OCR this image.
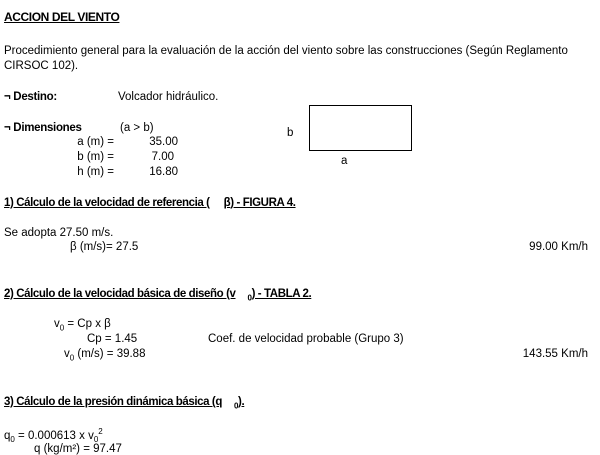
ACCION DEL VIENTO
Procedimiento general para la evaluación de la acción del viento sobre las construcciones (Según Reglamento
CIRSOC 102).
¬ Destino:	Volcador hidráulico.
¬ Dimensiones	(a > b)
a (m) =	35.00
b (m) =	7.00
h (m) =	16.80
b
a
1) Cálculo de la velocidad de referencia ( β) - FIGURA 4.
Se adopta 27.50 m/s.
β (m/s)= 27.5	99.00 Km/h
2) Cálculo de la velocidad básica de diseño (v $_0$) - TABLA 2.
$v_0 = Cp$ x β
Cp = 1.45	Coef. de velocidad probable (Grupo 3)
$v_0$ (m/s) = 39.88	143.55 Km/h
3) Cálculo de la presión dinámica básica (q $_0$).
$q_0 = 0.000613$ x $v_0^2$
q (kg/m²) = 97.47
